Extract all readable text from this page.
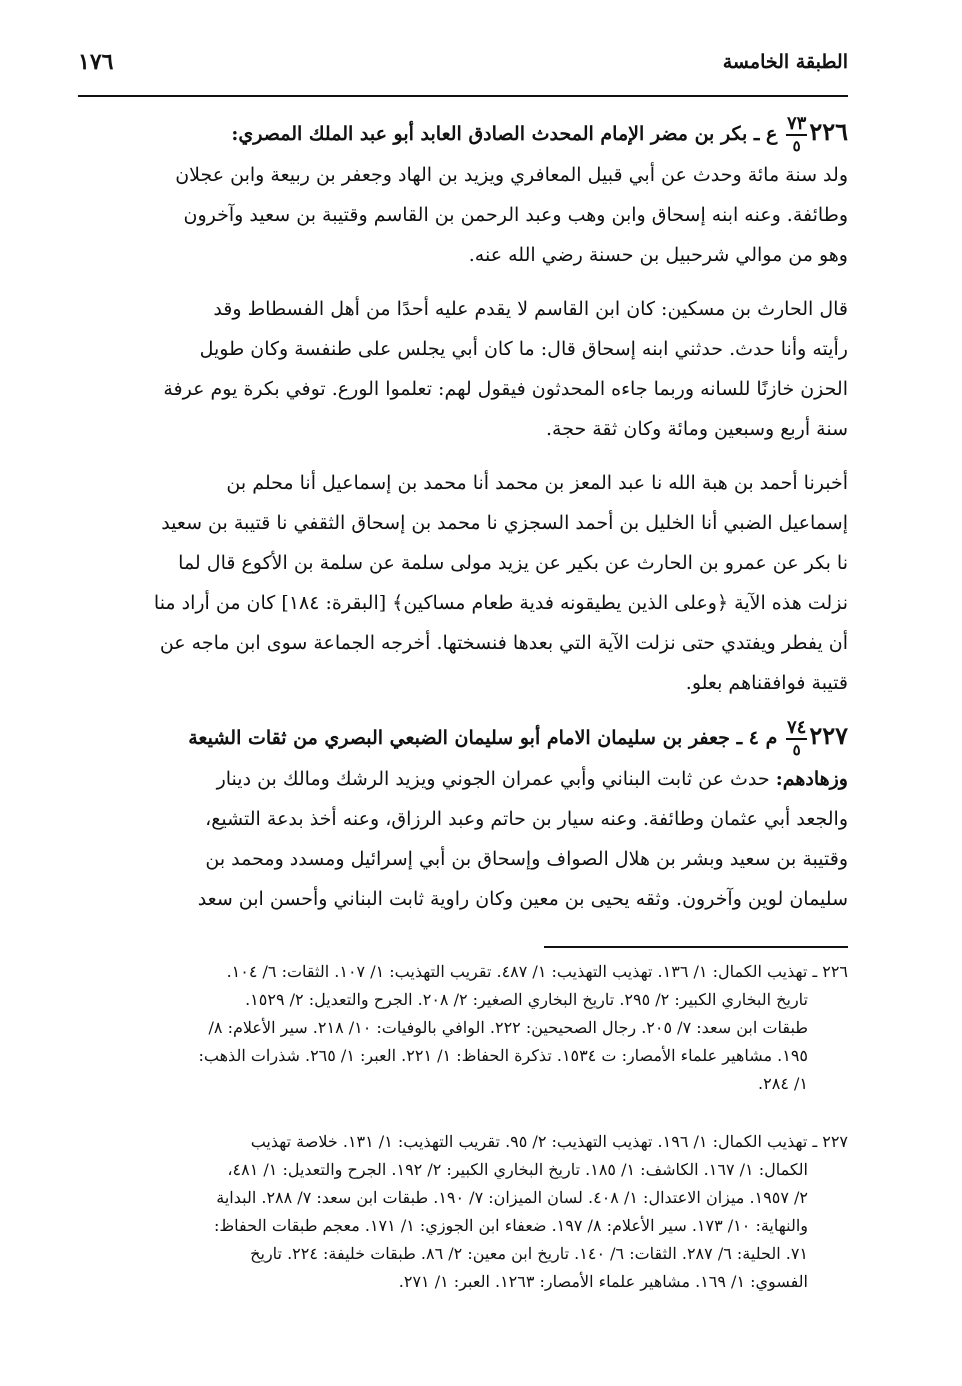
الطبقة الخامسة
١٧٦
٢٢٦
$\frac{٧٣}{٥}$
ع ـ بكر بن مضر الإمام المحدث الصادق العابد أبو عبد الملك المصري:
ولد سنة مائة وحدث عن أبي قبيل المعافري ويزيد بن الهاد وجعفر بن ربيعة وابن عجلان
وطائفة. وعنه ابنه إسحاق وابن وهب وعبد الرحمن بن القاسم وقتيبة بن سعيد وآخرون
وهو من موالي شرحبيل بن حسنة رضي الله عنه.
قال الحارث بن مسكين: كان ابن القاسم لا يقدم عليه أحدًا من أهل الفسطاط وقد
رأيته وأنا حدث. حدثني ابنه إسحاق قال: ما كان أبي يجلس على طنفسة وكان طويل
الحزن خازنًا للسانه وربما جاءه المحدثون فيقول لهم: تعلموا الورع. توفي بكرة يوم عرفة
سنة أربع وسبعين ومائة وكان ثقة حجة.
أخبرنا أحمد بن هبة الله نا عبد المعز بن محمد أنا محمد بن إسماعيل أنا محلم بن
إسماعيل الضبي أنا الخليل بن أحمد السجزي نا محمد بن إسحاق الثقفي نا قتيبة بن سعيد
نا بكر عن عمرو بن الحارث عن بكير عن يزيد مولى سلمة عن سلمة بن الأكوع قال لما
نزلت هذه الآية ﴿وعلى الذين يطيقونه فدية طعام مساكين﴾ [البقرة: ١٨٤] كان من أراد منا
أن يفطر ويفتدي حتى نزلت الآية التي بعدها فنسختها. أخرجه الجماعة سوى ابن ماجه عن
قتيبة فوافقناهم بعلو.
٢٢٧
$\frac{٧٤}{٥}$
م ٤ ـ جعفر بن سليمان الامام أبو سليمان الضبعي البصري من ثقات الشيعة
وزهادهم: حدث عن ثابت البناني وأبي عمران الجوني ويزيد الرشك ومالك بن دينار
والجعد أبي عثمان وطائفة. وعنه سيار بن حاتم وعبد الرزاق، وعنه أخذ بدعة التشيع،
وقتيبة بن سعيد وبشر بن هلال الصواف وإسحاق بن أبي إسرائيل ومسدد ومحمد بن
سليمان لوين وآخرون. وثقه يحيى بن معين وكان راوية ثابت البناني وأحسن ابن سعد
٢٢٦ ـ تهذيب الكمال: ١/ ١٣٦. تهذيب التهذيب: ١/ ٤٨٧. تقريب التهذيب: ١/ ١٠٧. الثقات: ٦/ ١٠٤.
تاريخ البخاري الكبير: ٢/ ٢٩٥. تاريخ البخاري الصغير: ٢/ ٢٠٨. الجرح والتعديل: ٢/ ١٥٢٩.
طبقات ابن سعد: ٧/ ٢٠٥. رجال الصحيحين: ٢٢٢. الوافي بالوفيات: ١٠/ ٢١٨. سير الأعلام: ٨/
١٩٥. مشاهير علماء الأمصار: ت ١٥٣٤. تذكرة الحفاظ: ١/ ٢٢١. العبر: ١/ ٢٦٥. شذرات الذهب:
١/ ٢٨٤.
٢٢٧ ـ تهذيب الكمال: ١/ ١٩٦. تهذيب التهذيب: ٢/ ٩٥. تقريب التهذيب: ١/ ١٣١. خلاصة تهذيب
الكمال: ١/ ١٦٧. الكاشف: ١/ ١٨٥. تاريخ البخاري الكبير: ٢/ ١٩٢. الجرح والتعديل: ١/ ٤٨١،
٢/ ١٩٥٧. ميزان الاعتدال: ١/ ٤٠٨. لسان الميزان: ٧/ ١٩٠. طبقات ابن سعد: ٧/ ٢٨٨. البداية
والنهاية: ١٠/ ١٧٣. سير الأعلام: ٨/ ١٩٧. ضعفاء ابن الجوزي: ١/ ١٧١. معجم طبقات الحفاظ:
٧١. الحلية: ٦/ ٢٨٧. الثقات: ٦/ ١٤٠. تاريخ ابن معين: ٢/ ٨٦. طبقات خليفة: ٢٢٤. تاريخ
الفسوي: ١/ ١٦٩. مشاهير علماء الأمصار: ١٢٦٣. العبر: ١/ ٢٧١.
